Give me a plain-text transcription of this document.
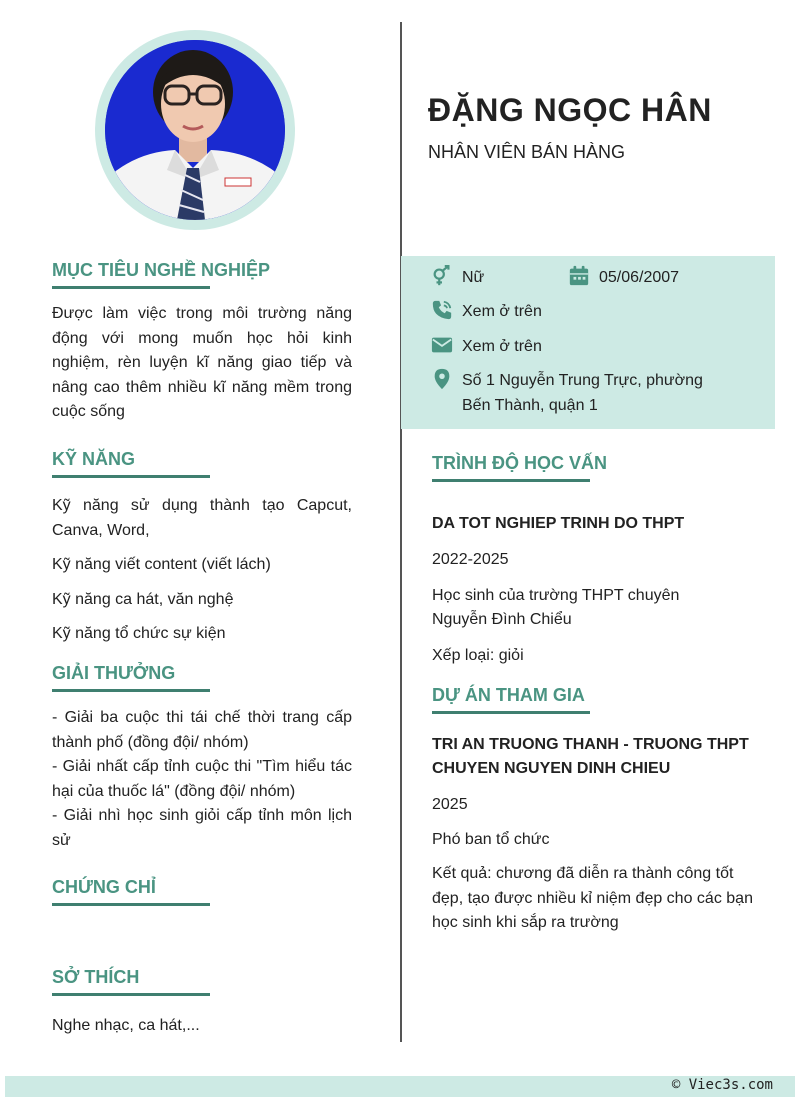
MỤC TIÊU NGHỀ NGHIỆP

Được làm việc trong môi trường năng động với mong muốn học hỏi kinh nghiệm, rèn luyện kĩ năng giao tiếp và nâng cao thêm nhiều kĩ năng mềm trong cuộc sống

KỸ NĂNG

Kỹ năng sử dụng thành tạo Capcut, Canva, Word,

Kỹ năng viết content (viết lách)

Kỹ năng ca hát, văn nghệ

Kỹ năng tổ chức sự kiện

GIẢI THƯỞNG

- Giải ba cuộc thi tái chế thời trang cấp thành phố (đồng đội/ nhóm)

- Giải nhất cấp tỉnh cuộc thi "Tìm hiểu tác hại của thuốc lá" (đồng đội/ nhóm)

- Giải nhì học sinh giỏi cấp tỉnh môn lịch sử

CHỨNG CHỈ
SỞ THÍCH

Nghe nhạc, ca hát,...

ĐẶNG NGỌC HÂN
NHÂN VIÊN BÁN HÀNG
Nữ	05/06/2007
Xem ở trên
Xem ở trên
Số 1 Nguyễn Trung Trực, phường
Bến Thành, quận 1
TRÌNH ĐỘ HỌC VẤN

DA TOT NGHIEP TRINH DO THPT

2022-2025

Học sinh của trường THPT chuyên Nguyễn Đình Chiểu

Xếp loại: giỏi

DỰ ÁN THAM GIA

TRI AN TRUONG THANH - TRUONG THPT CHUYEN NGUYEN DINH CHIEU

2025

Phó ban tổ chức

Kết quả: chương đã diễn ra thành công tốt đẹp, tạo được nhiều kỉ niệm đẹp cho các bạn học sinh khi sắp ra trường

© Viec3s.com
